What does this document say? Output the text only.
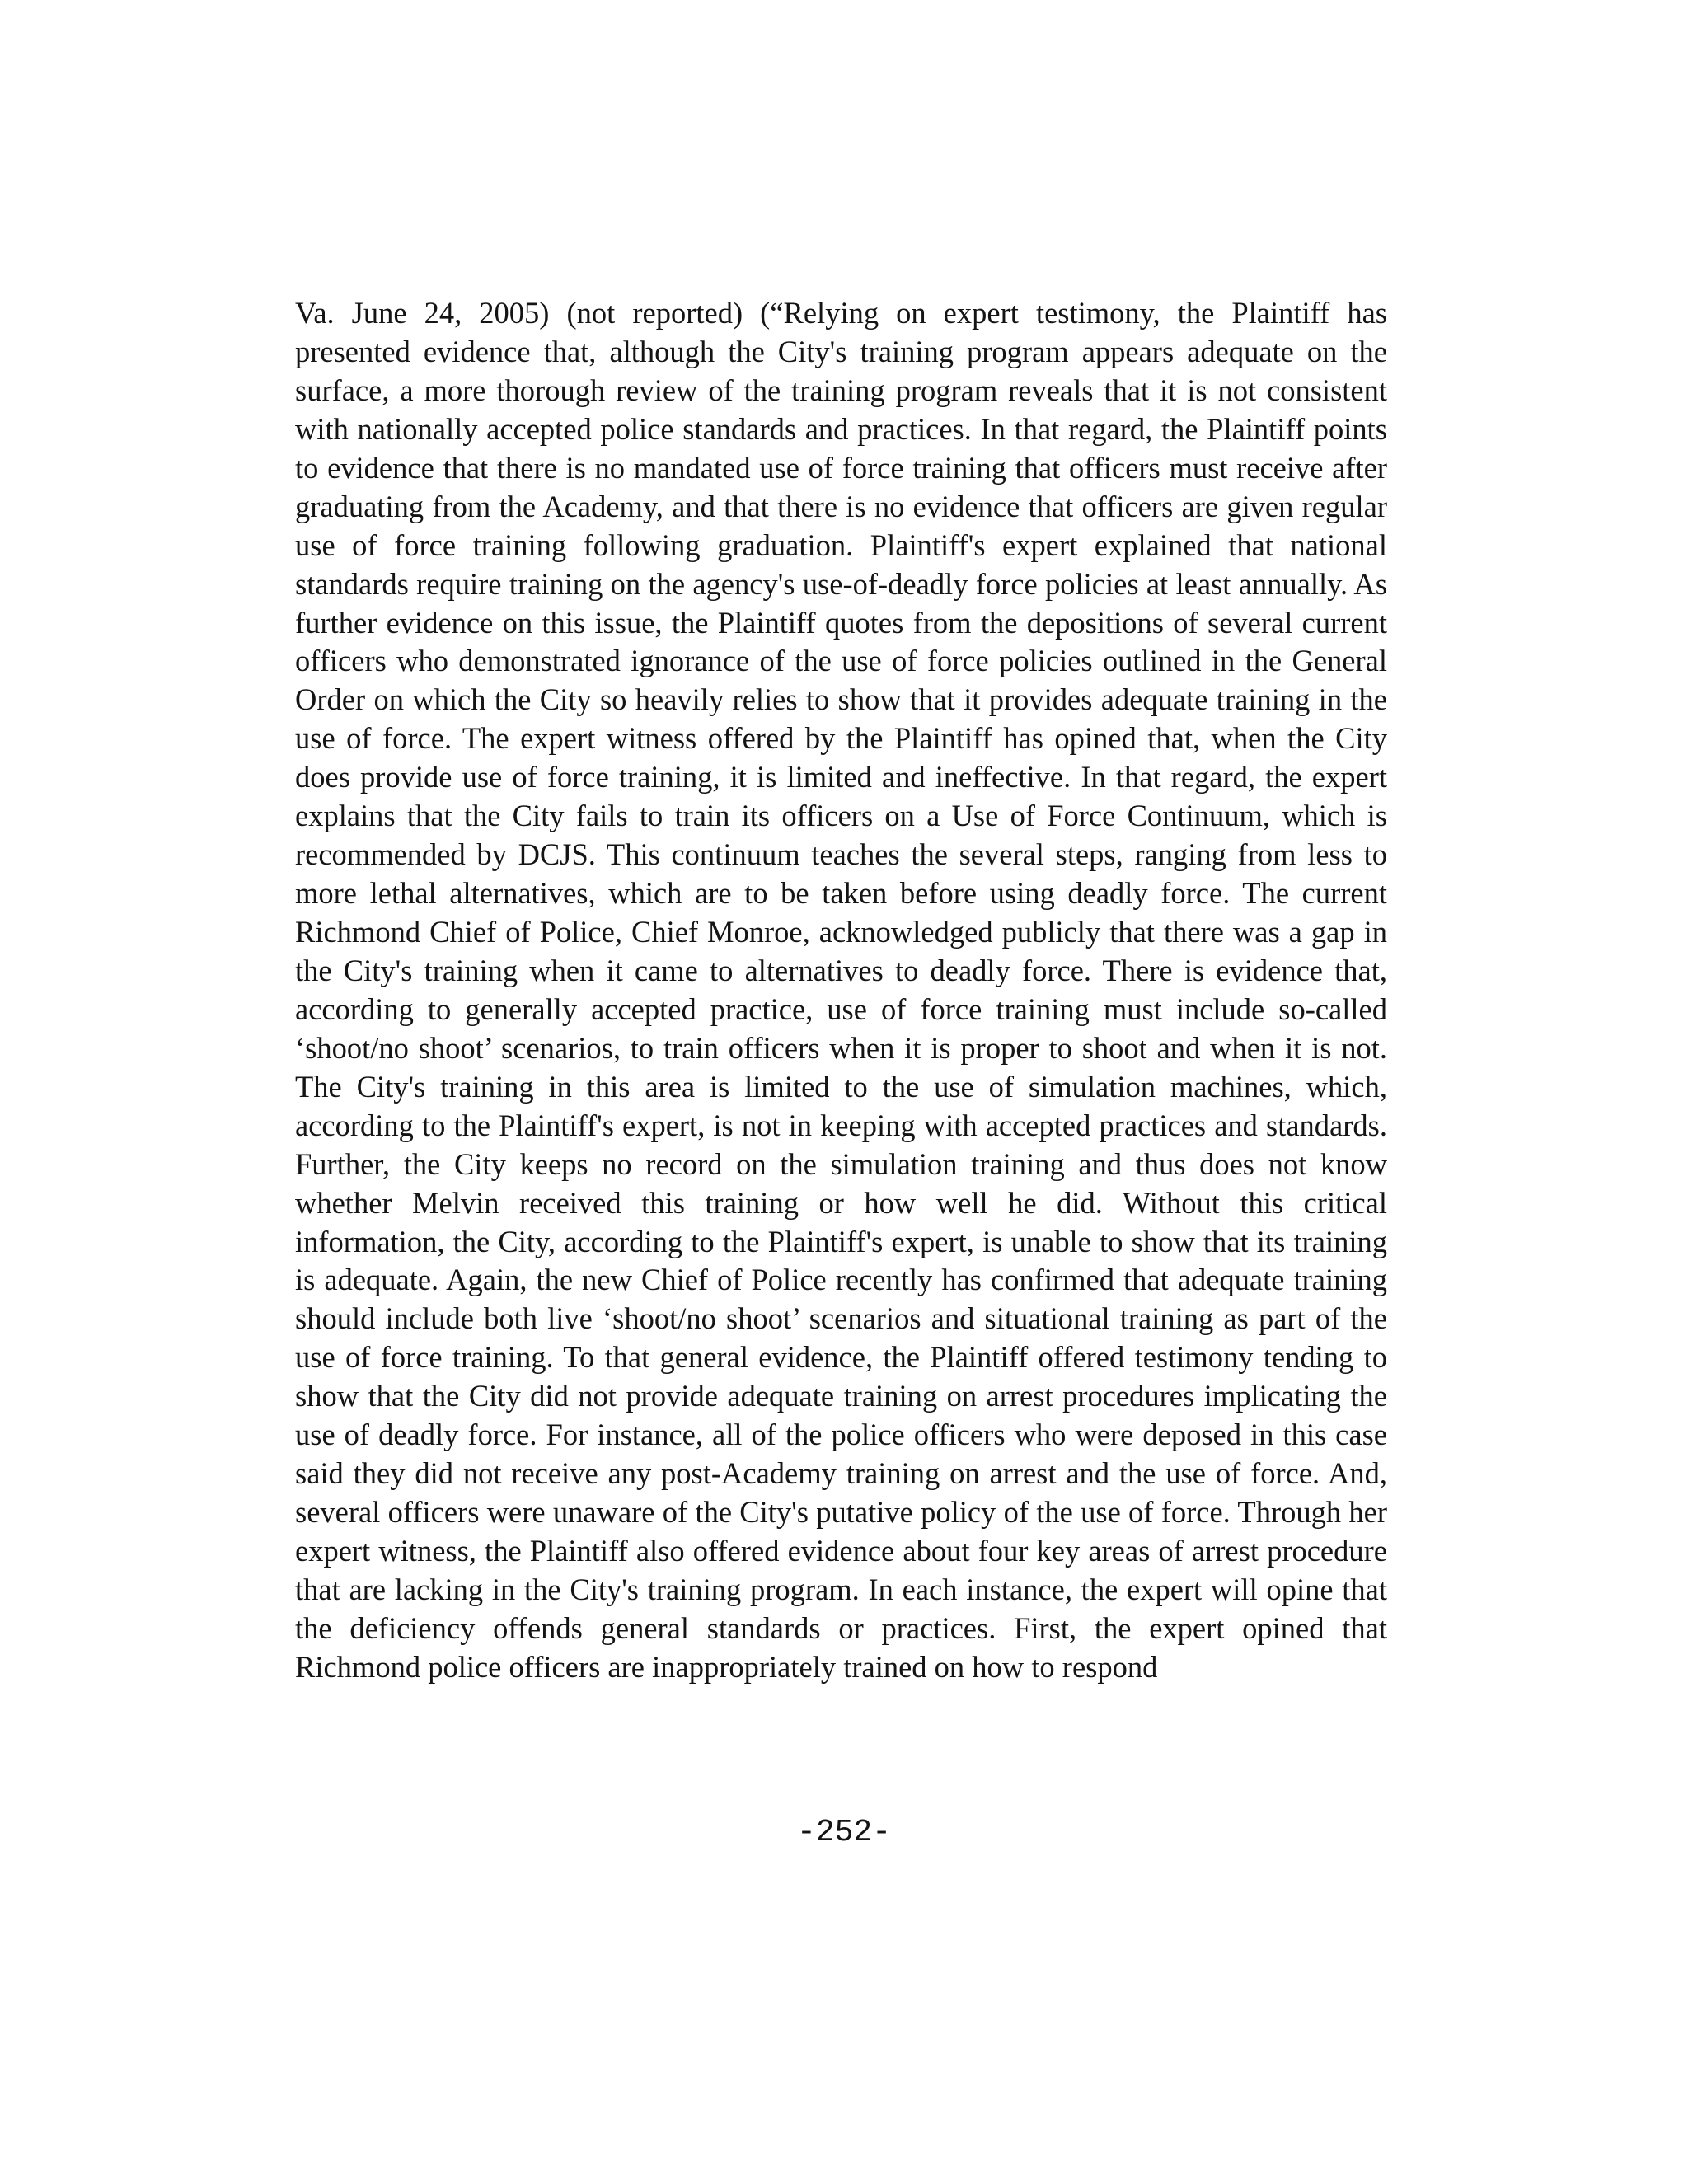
Va. June 24, 2005) (not reported) (“Relying on expert testimony, the Plaintiff has presented evidence that, although the City's training program appears adequate on the surface, a more thorough review of the training program reveals that it is not consistent with nationally accepted police standards and practices. In that regard, the Plaintiff points to evidence that there is no mandated use of force training that officers must receive after graduating from the Academy, and that there is no evidence that officers are given regular use of force training following graduation. Plaintiff's expert explained that national standards require training on the agency's use-of-deadly force policies at least annually. As further evidence on this issue, the Plaintiff quotes from the depositions of several current officers who demonstrated ignorance of the use of force policies outlined in the General Order on which the City so heavily relies to show that it provides adequate training in the use of force. The expert witness offered by the Plaintiff has opined that, when the City does provide use of force training, it is limited and ineffective. In that regard, the expert explains that the City fails to train its officers on a Use of Force Continuum, which is recommended by DCJS. This continuum teaches the several steps, ranging from less to more lethal alternatives, which are to be taken before using deadly force. The current Richmond Chief of Police, Chief Monroe, acknowledged publicly that there was a gap in the City's training when it came to alternatives to deadly force. There is evidence that, according to generally accepted practice, use of force training must include so-called ‘shoot/no shoot’ scenarios, to train officers when it is proper to shoot and when it is not. The City's training in this area is limited to the use of simulation machines, which, according to the Plaintiff's expert, is not in keeping with accepted practices and standards. Further, the City keeps no record on the simulation training and thus does not know whether Melvin received this training or how well he did. Without this critical information, the City, according to the Plaintiff's expert, is unable to show that its training is adequate. Again, the new Chief of Police recently has confirmed that adequate training should include both live ‘shoot/no shoot’ scenarios and situational training as part of the use of force training. To that general evidence, the Plaintiff offered testimony tending to show that the City did not provide adequate training on arrest procedures implicating the use of deadly force. For instance, all of the police officers who were deposed in this case said they did not receive any post-Academy training on arrest and the use of force. And, several officers were unaware of the City's putative policy of the use of force. Through her expert witness, the Plaintiff also offered evidence about four key areas of arrest procedure that are lacking in the City's training program. In each instance, the expert will opine that the deficiency offends general standards or practices. First, the expert opined that Richmond police officers are inappropriately trained on how to respond

-252-
